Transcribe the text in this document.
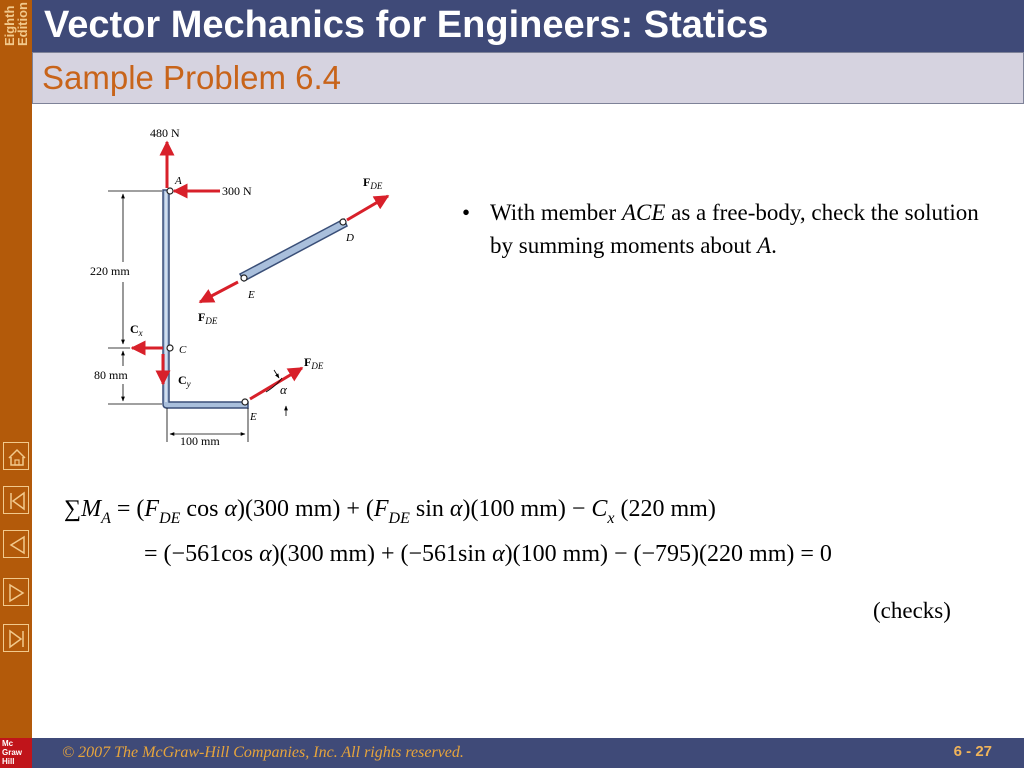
Eighth
Edition
Mc
Graw
Hill
Vector Mechanics for Engineers: Statics
Sample Problem 6.4
480 N
300 N
A
D
E
C
E
α
220 mm
80 mm
100 mm
$F_{DE}$
$F_{DE}$
$F_{DE}$
$C_x$
$C_y$
• With member ACE as a free-body, check the solution by summing moments about A.
$\sum M_A = (F_{DE}$ cos α)(300 $mm) + (F_{DE}$ sin α)(100 $mm) - C_x$ (220 mm)
= (−561cos α)(300 mm) + (−561sin α)(100 mm) − (−795)(220 mm) = 0
(checks)
© 2007 The McGraw-Hill Companies, Inc. All rights reserved.	6 - 27
